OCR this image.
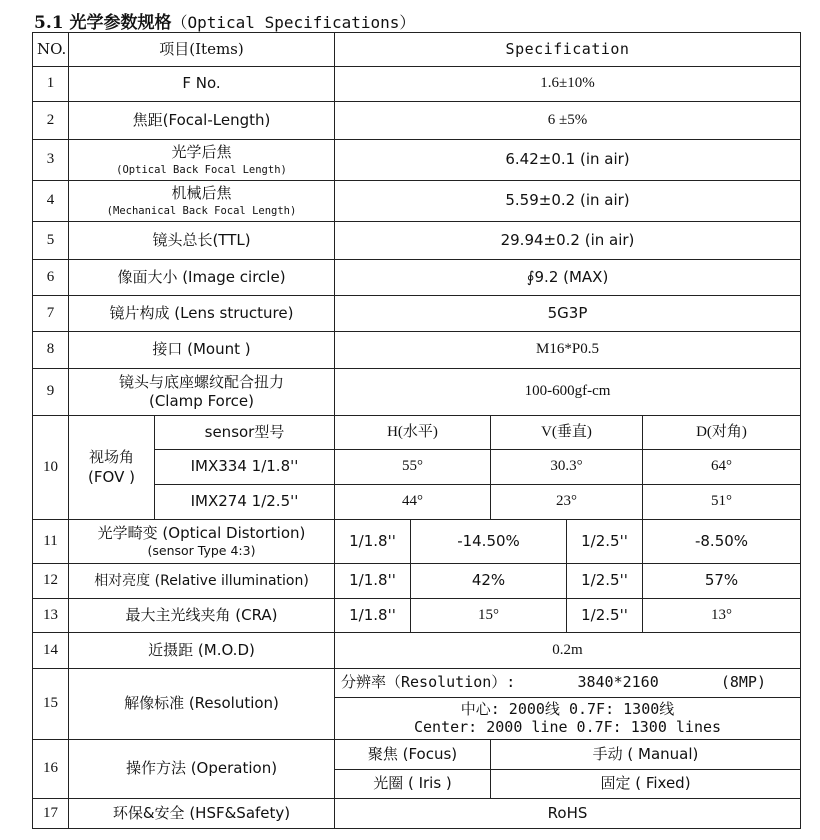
5.1 光学参数规格（Optical Specifications）
NO.	项目(Items)		Specification				
1	F No.		1.6±10%				
2	焦距(Focal-Length)		6 ±5%				
3	光学后焦
(Optical Back Focal Length)		6.42±0.1 (in air)				
4	机械后焦
(Mechanical Back Focal Length)		5.59±0.2 (in air)				
5	镜头总长(TTL)		29.94±0.2 (in air)				
6	像面大小 (Image circle)		∮9.2 (MAX)				
7	镜片构成 (Lens structure)		5G3P				
8	接口 (Mount )		M16*P0.5				
9	镜头与底座螺纹配合扭力
(Clamp Force)		100-600gf-cm				
10	视场角
(FOV )	sensor型号	H(水平)		V(垂直)		D(对角)
		IMX334 1/1.8''	55°		30.3°		64°
		IMX274 1/2.5''	44°		23°		51°
11	光学畸变 (Optical Distortion)
(sensor Type 4:3)		1/1.8''	-14.50%		1/2.5''	-8.50%
12	相对亮度 (Relative illumination)		1/1.8''	42%		1/2.5''	57%
13	最大主光线夹角 (CRA)		1/1.8''	15°		1/2.5''	13°
14	近摄距 (M.O.D)		0.2m				
15	解像标准 (Resolution)		分辨率（Resolution）: 3840*2160 (8MP)				

			中心: 2000线 0.7F: 1300线
Center: 2000 line 0.7F: 1300 lines				

16	操作方法 (Operation)		聚焦 (Focus)		手动 ( Manual)		
			光圈 ( Iris )		固定 ( Fixed)		
17	环保&安全 (HSF&Safety)		RoHS				
